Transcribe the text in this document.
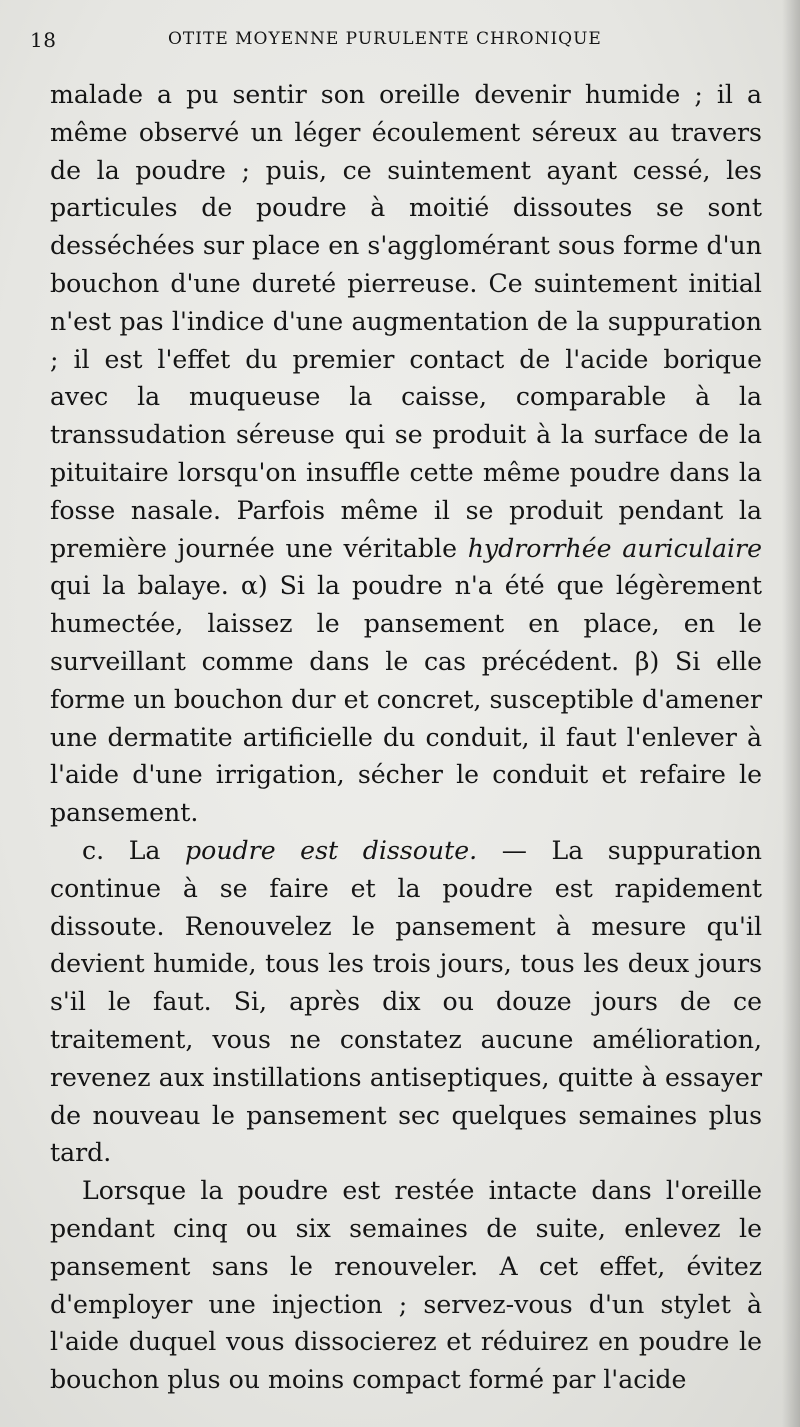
18	OTITE MOYENNE PURULENTE CHRONIQUE

malade a pu sentir son oreille devenir humide ; il a même observé un léger écoulement séreux au travers de la poudre ; puis, ce suintement ayant cessé, les particules de poudre à moitié dissoutes se sont desséchées sur place en s'agglomérant sous forme d'un bouchon d'une dureté pierreuse. Ce suintement initial n'est pas l'indice d'une augmentation de la suppuration ; il est l'effet du premier contact de l'acide borique avec la muqueuse la caisse, comparable à la transsudation séreuse qui se produit à la surface de la pituitaire lorsqu'on insuffle cette même poudre dans la fosse nasale. Parfois même il se produit pendant la première journée une véritable hydrorrhée auriculaire qui la balaye. α) Si la poudre n'a été que légèrement humectée, laissez le pansement en place, en le surveillant comme dans le cas précédent. β) Si elle forme un bouchon dur et concret, susceptible d'amener une dermatite artificielle du conduit, il faut l'enlever à l'aide d'une irrigation, sécher le conduit et refaire le pansement.

c. La poudre est dissoute. — La suppuration continue à se faire et la poudre est rapidement dissoute. Renouvelez le pansement à mesure qu'il devient humide, tous les trois jours, tous les deux jours s'il le faut. Si, après dix ou douze jours de ce traitement, vous ne constatez aucune amélioration, revenez aux instillations antiseptiques, quitte à essayer de nouveau le pansement sec quelques semaines plus tard.

Lorsque la poudre est restée intacte dans l'oreille pendant cinq ou six semaines de suite, enlevez le pansement sans le renouveler. A cet effet, évitez d'employer une injection ; servez-vous d'un stylet à l'aide duquel vous dissocierez et réduirez en poudre le bouchon plus ou moins compact formé par l'acide
